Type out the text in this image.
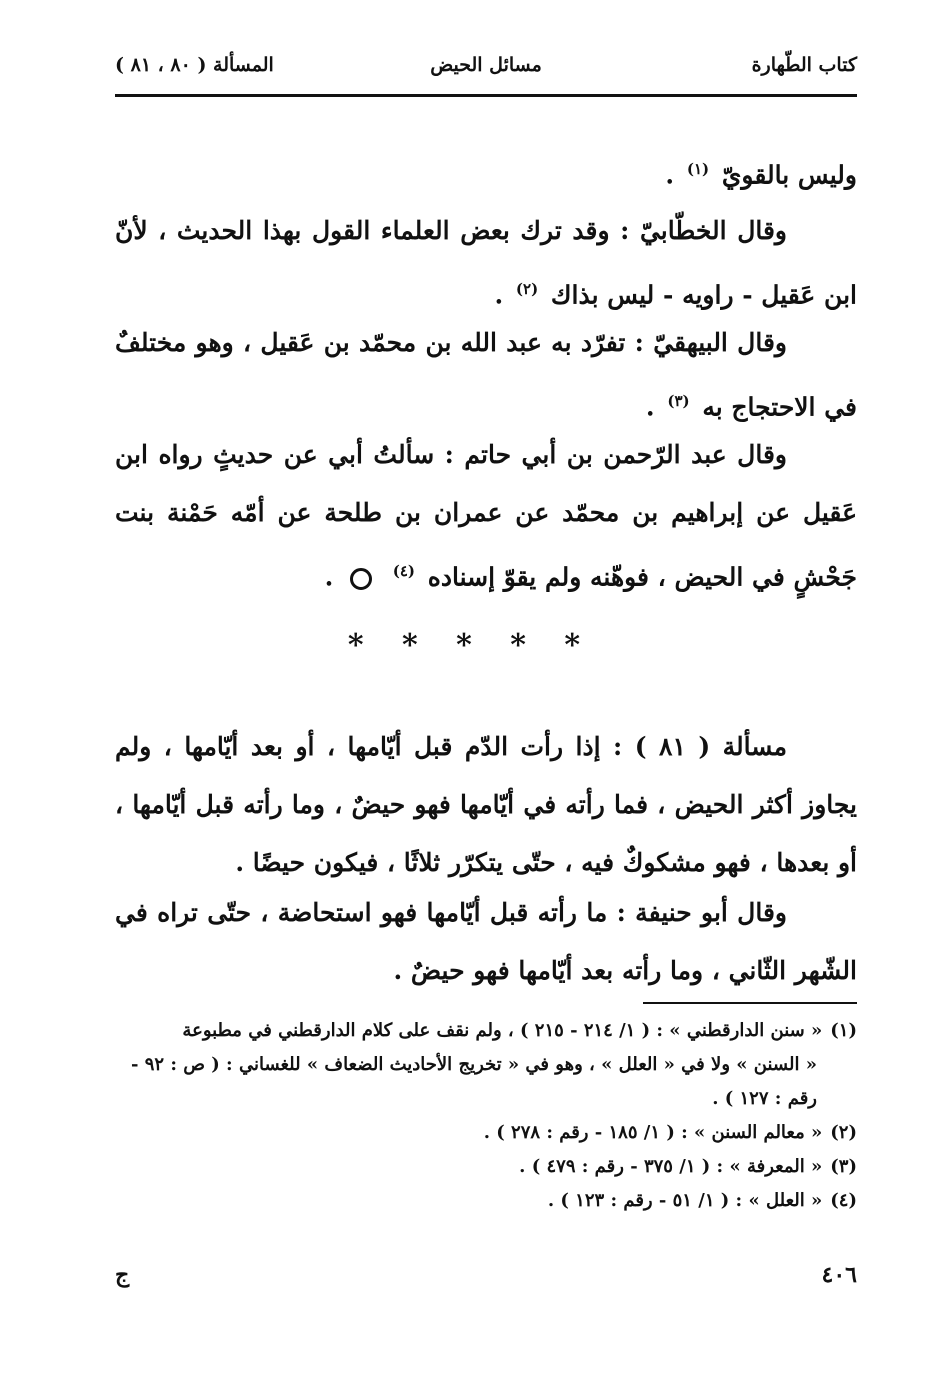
كتاب الطّهارة
مسائل الحيض
المسألة ( ٨٠ ، ٨١ )

وليس بالقويّ $^{(١)}$ .

وقال الخطّابيّ : وقد ترك بعض العلماء القول بهذا الحديث ، لأنّ ابن عَقيل - راويه - ليس بذاك $^{(٢)}$ .

وقال البيهقيّ : تفرّد به عبد الله بن محمّد بن عَقيل ، وهو مختلفٌ في الاحتجاج به $^{(٣)}$ .

وقال عبد الرّحمن بن أبي حاتم : سألتُ أبي عن حديثٍ رواه ابن عَقيل عن إبراهيم بن محمّد عن عمران بن طلحة عن أمّه حَمْنة بنت جَحْشٍ في الحيض ، فوهّنه ولم يقوّ إسناده $^{(٤)}$  .

* * * * *

مسألة ( ٨١ ) : إذا رأت الدّم قبل أيّامها ، أو بعد أيّامها ، ولم يجاوز أكثر الحيض ، فما رأته في أيّامها فهو حيضٌ ، وما رأته قبل أيّامها ، أو بعدها ، فهو مشكوكٌ فيه ، حتّى يتكرّر ثلاثًا ، فيكون حيضًا .

وقال أبو حنيفة : ما رأته قبل أيّامها فهو استحاضة ، حتّى تراه في الشّهر الثّاني ، وما رأته بعد أيّامها فهو حيضٌ .

(١)« سنن الدارقطني » : ( ١/ ٢١٤ - ٢١٥ ) ، ولم نقف على كلام الدارقطني في مطبوعة

« السنن » ولا في « العلل » ، وهو في « تخريج الأحاديث الضعاف » للغساني : ( ص : ٩٢ -

رقم : ١٢٧ ) .

(٢)« معالم السنن » : ( ١/ ١٨٥ - رقم : ٢٧٨ ) .

(٣)« المعرفة » : ( ١/ ٣٧٥ - رقم : ٤٧٩ ) .

(٤)« العلل » : ( ١/ ٥١ - رقم : ١٢٣ ) .

٤٠٦
ج
